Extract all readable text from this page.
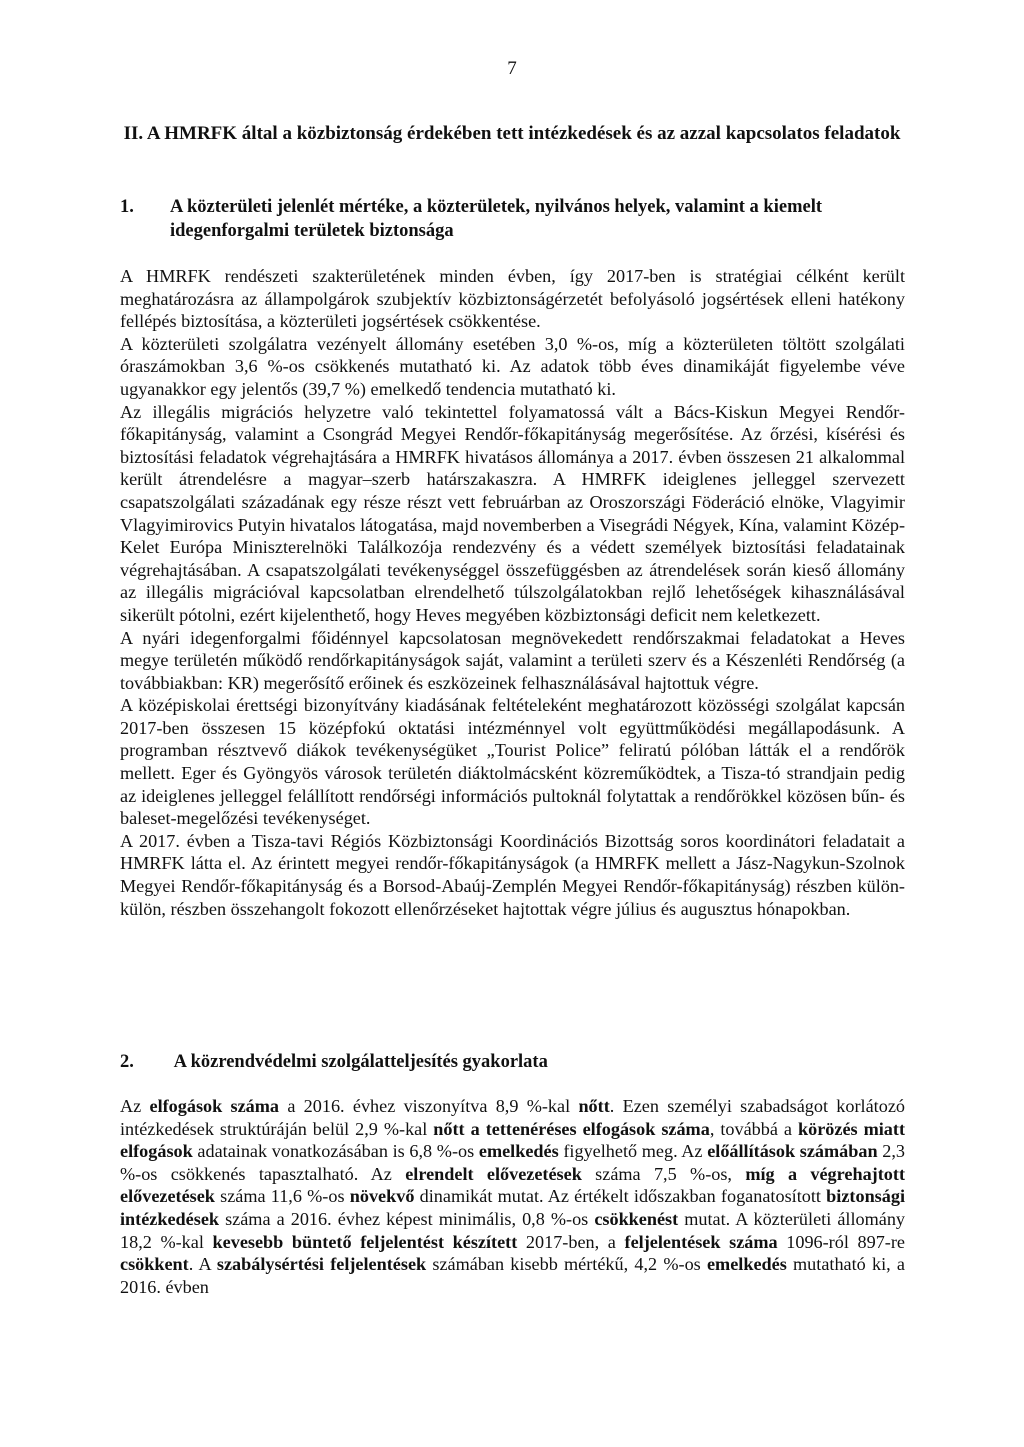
7
II. A HMRFK által a közbiztonság érdekében tett intézkedések és az azzal kapcsolatos feladatok
1.	A közterületi jelenlét mértéke, a közterületek, nyilvános helyek, valamint a kiemelt idegenforgalmi területek biztonsága

A HMRFK rendészeti szakterületének minden évben, így 2017-ben is stratégiai célként került meghatározásra az állampolgárok szubjektív közbiztonságérzetét befolyásoló jogsértések elleni hatékony fellépés biztosítása, a közterületi jogsértések csökkentése.

A közterületi szolgálatra vezényelt állomány esetében 3,0 %-os, míg a közterületen töltött szolgálati óraszámokban 3,6 %-os csökkenés mutatható ki. Az adatok több éves dinamikáját figyelembe véve ugyanakkor egy jelentős (39,7 %) emelkedő tendencia mutatható ki.

Az illegális migrációs helyzetre való tekintettel folyamatossá vált a Bács-Kiskun Megyei Rendőr-főkapitányság, valamint a Csongrád Megyei Rendőr-főkapitányság megerősítése. Az őrzési, kísérési és biztosítási feladatok végrehajtására a HMRFK hivatásos állománya a 2017. évben összesen 21 alkalommal került átrendelésre a magyar–szerb határszakaszra. A HMRFK ideiglenes jelleggel szervezett csapatszolgálati századának egy része részt vett februárban az Oroszországi Föderáció elnöke, Vlagyimir Vlagyimirovics Putyin hivatalos látogatása, majd novemberben a Visegrádi Négyek, Kína, valamint Közép-Kelet Európa Miniszterelnöki Találkozója rendezvény és a védett személyek biztosítási feladatainak végrehajtásában. A csapatszolgálati tevékenységgel összefüggésben az átrendelések során kieső állomány az illegális migrációval kapcsolatban elrendelhető túlszolgálatokban rejlő lehetőségek kihasználásával sikerült pótolni, ezért kijelenthető, hogy Heves megyében közbiztonsági deficit nem keletkezett.

A nyári idegenforgalmi főidénnyel kapcsolatosan megnövekedett rendőrszakmai feladatokat a Heves megye területén működő rendőrkapitányságok saját, valamint a területi szerv és a Készenléti Rendőrség (a továbbiakban: KR) megerősítő erőinek és eszközeinek felhasználásával hajtottuk végre.

A középiskolai érettségi bizonyítvány kiadásának feltételeként meghatározott közösségi szolgálat kapcsán 2017-ben összesen 15 középfokú oktatási intézménnyel volt együttműködési megállapodásunk. A programban résztvevő diákok tevékenységüket „Tourist Police” feliratú pólóban látták el a rendőrök mellett. Eger és Gyöngyös városok területén diáktolmácsként közreműködtek, a Tisza-tó strandjain pedig az ideiglenes jelleggel felállított rendőrségi információs pultoknál folytattak a rendőrökkel közösen bűn- és baleset-megelőzési tevékenységet.

A 2017. évben a Tisza-tavi Régiós Közbiztonsági Koordinációs Bizottság soros koordinátori feladatait a HMRFK látta el. Az érintett megyei rendőr-főkapitányságok (a HMRFK mellett a Jász-Nagykun-Szolnok Megyei Rendőr-főkapitányság és a Borsod-Abaúj-Zemplén Megyei Rendőr-főkapitányság) részben külön-külön, részben összehangolt fokozott ellenőrzéseket hajtottak végre július és augusztus hónapokban.

2. A közrendvédelmi szolgálatteljesítés gyakorlata

Az elfogások száma a 2016. évhez viszonyítva 8,9 %-kal nőtt. Ezen személyi szabadságot korlátozó intézkedések struktúráján belül 2,9 %-kal nőtt a tettenéréses elfogások száma, továbbá a körözés miatt elfogások adatainak vonatkozásában is 6,8 %-os emelkedés figyelhető meg. Az előállítások számában 2,3 %-os csökkenés tapasztalható. Az elrendelt elővezetések száma 7,5 %-os, míg a végrehajtott elővezetések száma 11,6 %-os növekvő dinamikát mutat. Az értékelt időszakban foganatosított biztonsági intézkedések száma a 2016. évhez képest minimális, 0,8 %-os csökkenést mutat. A közterületi állomány 18,2 %-kal kevesebb büntető feljelentést készített 2017-ben, a feljelentések száma 1096-ról 897-re csökkent. A szabálysértési feljelentések számában kisebb mértékű, 4,2 %-os emelkedés mutatható ki, a 2016. évben
